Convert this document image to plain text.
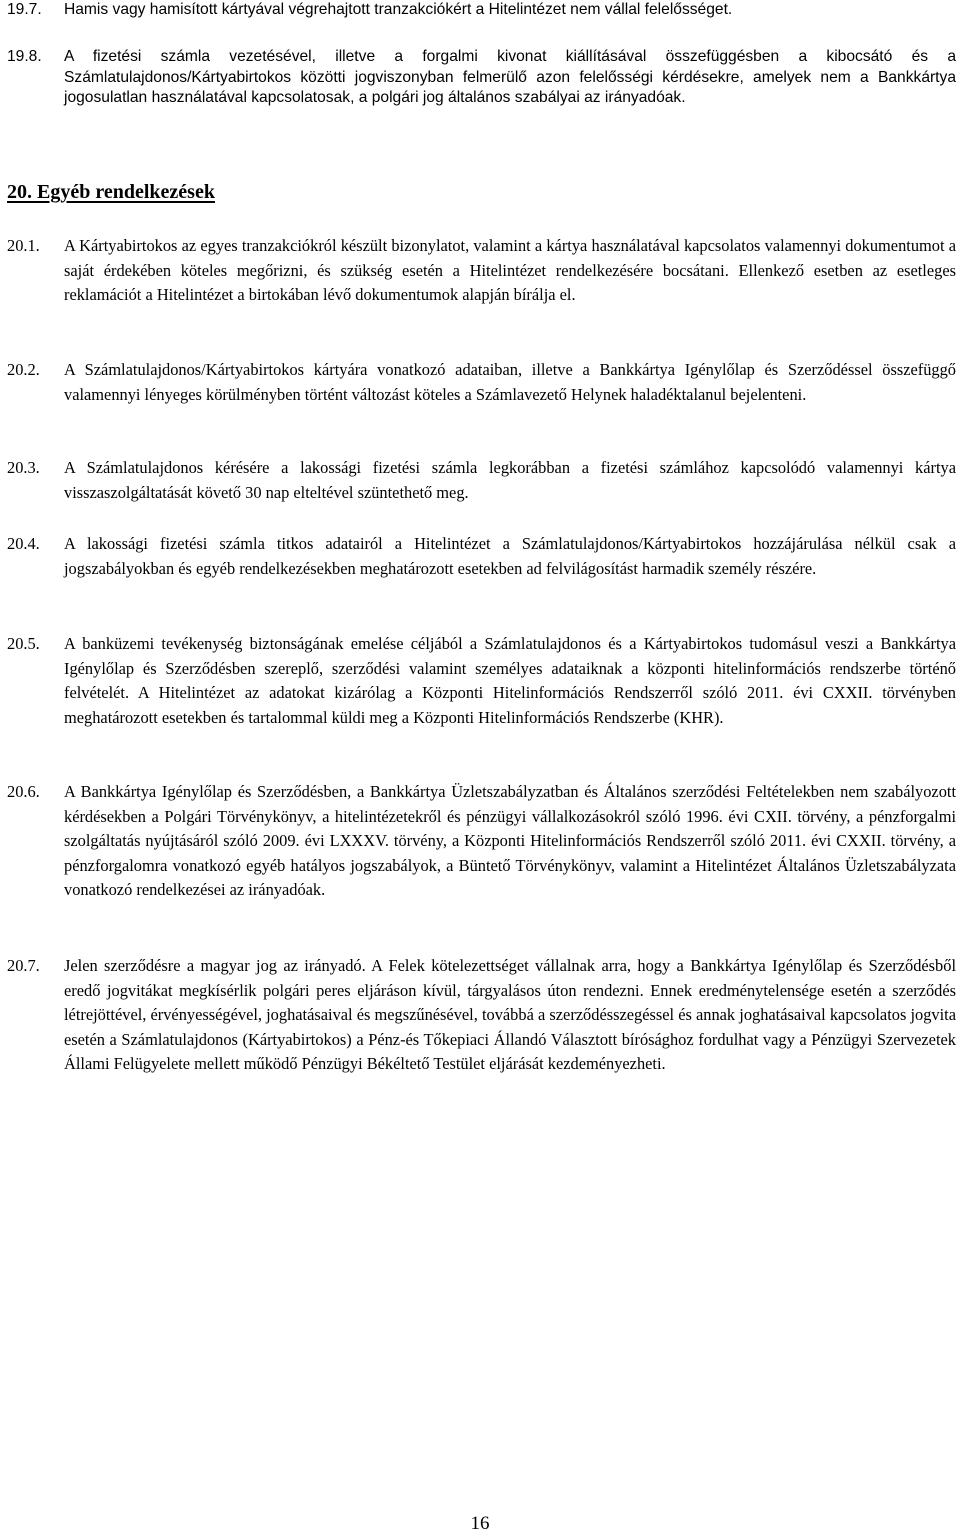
19.7. Hamis vagy hamisított kártyával végrehajtott tranzakciókért a Hitelintézet nem vállal felelősséget.
19.8. A fizetési számla vezetésével, illetve a forgalmi kivonat kiállításával összefüggésben a kibocsátó és a Számlatulajdonos/Kártyabirtokos közötti jogviszonyban felmerülő azon felelősségi kérdésekre, amelyek nem a Bankkártya jogosulatlan használatával kapcsolatosak, a polgári jog általános szabályai az irányadóak.
20. Egyéb rendelkezések
20.1. A Kártyabirtokos az egyes tranzakciókról készült bizonylatot, valamint a kártya használatával kapcsolatos valamennyi dokumentumot a saját érdekében köteles megőrizni, és szükség esetén a Hitelintézet rendelkezésére bocsátani. Ellenkező esetben az esetleges reklamációt a Hitelintézet a birtokában lévő dokumentumok alapján bírálja el.
20.2. A Számlatulajdonos/Kártyabirtokos kártyára vonatkozó adataiban, illetve a Bankkártya Igénylőlap és Szerződéssel összefüggő valamennyi lényeges körülményben történt változást köteles a Számlavezető Helynek haladéktalanul bejelenteni.
20.3. A Számlatulajdonos kérésére a lakossági fizetési számla legkorábban a fizetési számlához kapcsolódó valamennyi kártya visszaszolgáltatását követő 30 nap elteltével szüntethető meg.
20.4. A lakossági fizetési számla titkos adatairól a Hitelintézet a Számlatulajdonos/Kártyabirtokos hozzájárulása nélkül csak a jogszabályokban és egyéb rendelkezésekben meghatározott esetekben ad felvilágosítást harmadik személy részére.
20.5. A banküzemi tevékenység biztonságának emelése céljából a Számlatulajdonos és a Kártyabirtokos tudomásul veszi a Bankkártya Igénylőlap és Szerződésben szereplő, szerződési valamint személyes adataiknak a központi hitelinformációs rendszerbe történő felvételét. A Hitelintézet az adatokat kizárólag a Központi Hitelinformációs Rendszerről szóló 2011. évi CXXII. törvényben meghatározott esetekben és tartalommal küldi meg a Központi Hitelinformációs Rendszerbe (KHR).
20.6. A Bankkártya Igénylőlap és Szerződésben, a Bankkártya Üzletszabályzatban és Általános szerződési Feltételekben nem szabályozott kérdésekben a Polgári Törvénykönyv, a hitelintézetekről és pénzügyi vállalkozásokról szóló 1996. évi CXII. törvény, a pénzforgalmi szolgáltatás nyújtásáról szóló 2009. évi LXXXV. törvény, a Központi Hitelinformációs Rendszerről szóló 2011. évi CXXII. törvény, a pénzforgalomra vonatkozó egyéb hatályos jogszabályok, a Büntető Törvénykönyv, valamint a Hitelintézet Általános Üzletszabályzata vonatkozó rendelkezései az irányadóak.
20.7. Jelen szerződésre a magyar jog az irányadó. A Felek kötelezettséget vállalnak arra, hogy a Bankkártya Igénylőlap és Szerződésből eredő jogvitákat megkísérlik polgári peres eljáráson kívül, tárgyalásos úton rendezni. Ennek eredménytelensége esetén a szerződés létrejöttével, érvényességével, joghatásaival és megszűnésével, továbbá a szerződésszegéssel és annak joghatásaival kapcsolatos jogvita esetén a Számlatulajdonos (Kártyabirtokos) a Pénz-és Tőkepiaci Állandó Választott bírósághoz fordulhat vagy a Pénzügyi Szervezetek Állami Felügyelete mellett működő Pénzügyi Békéltető Testület eljárását kezdeményezheti.
16
